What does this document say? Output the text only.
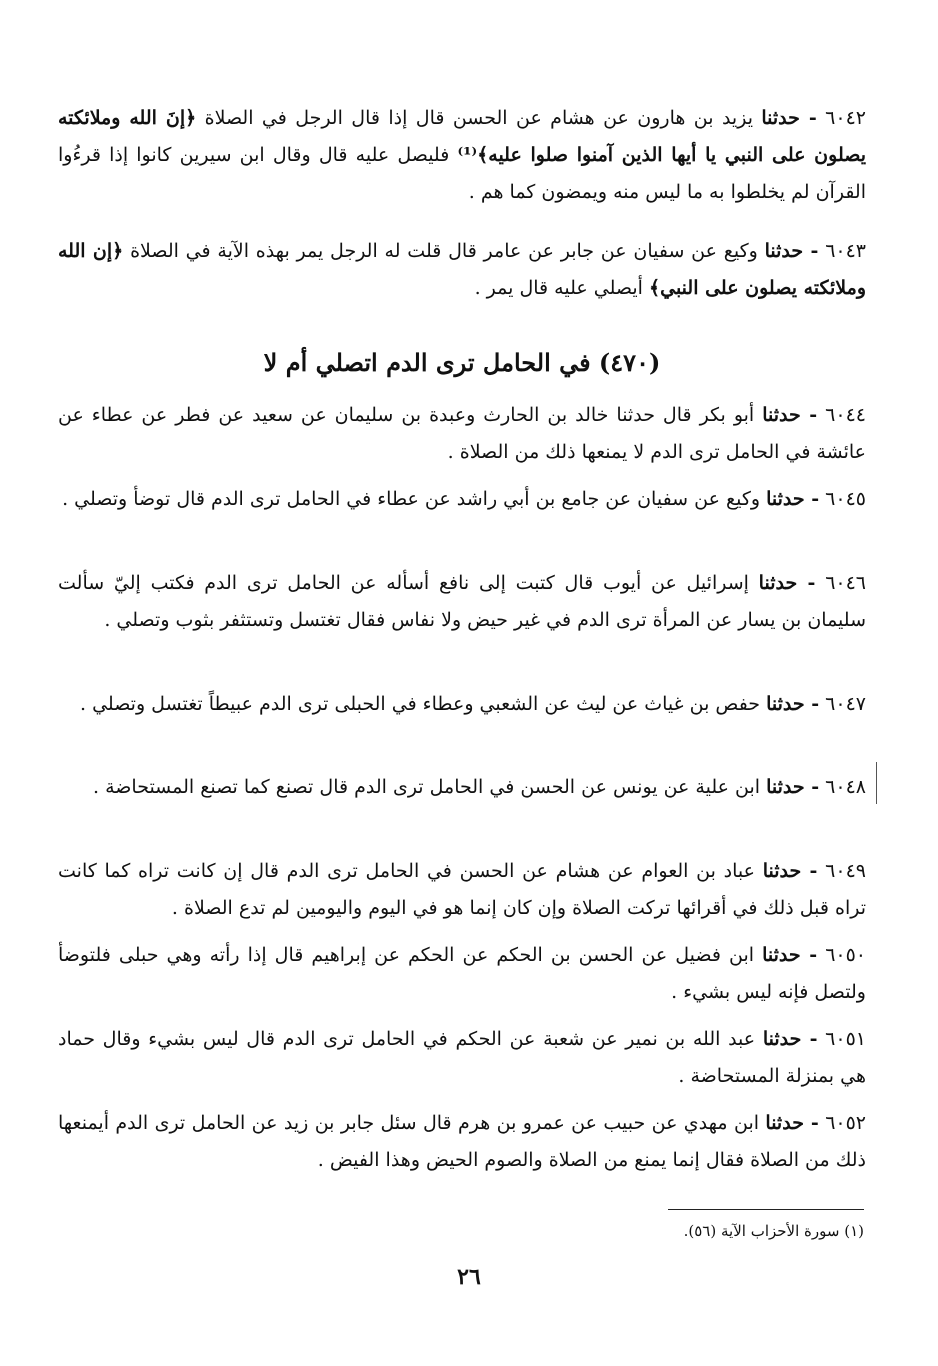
٦٠٤٢ - حدثنا يزيد بن هارون عن هشام عن الحسن قال إذا قال الرجل في الصلاة ﴿إنَ الله وملائكته يصلون على النبي يا أيها الذين آمنوا صلوا عليه﴾⁽¹⁾ فليصل عليه قال وقال ابن سيرين كانوا إذا قرءُوا القرآن لم يخلطوا به ما ليس منه ويمضون كما هم .

٦٠٤٣ - حدثنا وكيع عن سفيان عن جابر عن عامر قال قلت له الرجل يمر بهذه الآية في الصلاة ﴿إن الله وملائكته يصلون على النبي﴾ أيصلي عليه قال يمر .

(٤٧٠) في الحامل ترى الدم اتصلي أم لا

٦٠٤٤ - حدثنا أبو بكر قال حدثنا خالد بن الحارث وعبدة بن سليمان عن سعيد عن فطر عن عطاء عن عائشة في الحامل ترى الدم لا يمنعها ذلك من الصلاة .

٦٠٤٥ - حدثنا وكيع عن سفيان عن جامع بن أبي راشد عن عطاء في الحامل ترى الدم قال توضأ وتصلي .

٦٠٤٦ - حدثنا إسرائيل عن أيوب قال كتبت إلى نافع أسأله عن الحامل ترى الدم فكتب إليّ سألت سليمان بن يسار عن المرأة ترى الدم في غير حيض ولا نفاس فقال تغتسل وتستثفر بثوب وتصلي .

٦٠٤٧ - حدثنا حفص بن غياث عن ليث عن الشعبي وعطاء في الحبلى ترى الدم عبيطاً تغتسل وتصلي .

٦٠٤٨ - حدثنا ابن علية عن يونس عن الحسن في الحامل ترى الدم قال تصنع كما تصنع المستحاضة .

٦٠٤٩ - حدثنا عباد بن العوام عن هشام عن الحسن في الحامل ترى الدم قال إن كانت تراه كما كانت تراه قبل ذلك في أقرائها تركت الصلاة وإن كان إنما هو في اليوم واليومين لم تدع الصلاة .

٦٠٥٠ - حدثنا ابن فضيل عن الحسن بن الحكم عن الحكم عن إبراهيم قال إذا رأته وهي حبلى فلتوضأ ولتصل فإنه ليس بشيء .

٦٠٥١ - حدثنا عبد الله بن نمير عن شعبة عن الحكم في الحامل ترى الدم قال ليس بشيء وقال حماد هي بمنزلة المستحاضة .

٦٠٥٢ - حدثنا ابن مهدي عن حبيب عن عمرو بن هرم قال سئل جابر بن زيد عن الحامل ترى الدم أيمنعها ذلك من الصلاة فقال إنما يمنع من الصلاة والصوم الحيض وهذا الفيض .

(١) سورة الأحزاب الآية (٥٦).
٢٦
